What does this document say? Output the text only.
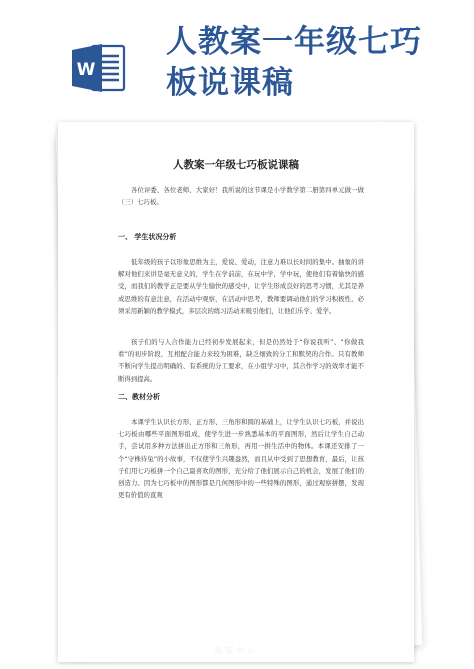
W
人教案一年级七巧
板说课稿
人教案一年级七巧板说课稿
各位评委、各位老师、大家好！我所说的这节课是小学数学第二册第四单元做一做（三）七巧板。
一、 学生状况分析
低年级的孩子以形象思维为主，爱说、爱动，注意力难以长时间的集中。抽象的讲解对他们来讲是毫无意义的，学生在学前前，在玩中学，学中玩，使他们有着愉快的感受，而我们的教学正是要从学生愉快的感受中，让学生形成良好的思考习惯，尤其是养成思维的有意注意，在活动中观察，在活动中思考，教师要调动他们的学习积极性，必须采用新颖的教学模式，多层次的练习活动来吸引他们，让他们乐学、爱学。
孩子们的与人合作能力已经初步发展起来，但是仍然处于“你说我听”、“你做我看”的初步阶段，互相配合能力来较为困难，缺乏细致的分工和默契的合作。只有教师不断向学生提出明确的、有系统的分工要求，在小组学习中，其合作学习的效率才能不断得到提高。
二、教材分析
本课学生认识长方形、正方形、三角形和圆的基础上，让学生认识七巧板，并说出七巧板由哪些平面图形组成，使学生进一步熟悉基本的平面图形，然后让学生自己动手，尝试用多种方法拼出正方形和三角形，再用一拼生活中的物体。本课还安排了一个“守株待兔”的小故事，不仅使学生兴趣盎然，而且从中受到了思想教育，最后，让孩子们用七巧板拼一个自己最喜欢的图形，充分给了他们展示自己的机会，发展了他们的创造力。因为七巧板中的图形都是几何图形中的一些特殊的图形，通过观察拼摆，发现更有价值的直观
熊猫办公
